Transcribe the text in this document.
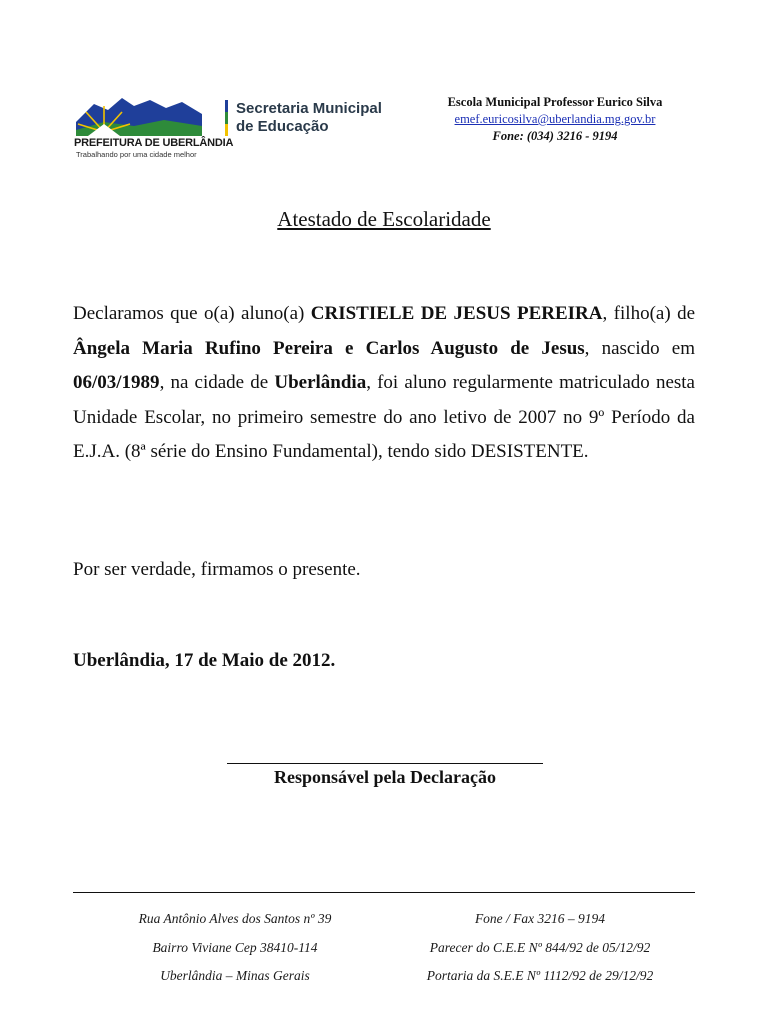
PREFEITURA DE UBERLÂNDIA
Trabalhando por uma cidade melhor
Secretaria Municipal
de Educação
Escola Municipal Professor Eurico Silva
emef.euricosilva@uberlandia.mg.gov.br
Fone: (034) 3216 - 9194
Atestado de Escolaridade
Declaramos que o(a) aluno(a) CRISTIELE DE JESUS PEREIRA, filho(a) de Ângela Maria Rufino Pereira e Carlos Augusto de Jesus, nascido em 06/03/1989, na cidade de Uberlândia, foi aluno regularmente matriculado nesta Unidade Escolar, no primeiro semestre do ano letivo de 2007 no 9º Período da E.J.A. (8ª série do Ensino Fundamental), tendo sido DESISTENTE.
Por ser verdade, firmamos o presente.
Uberlândia, 17 de Maio de 2012.
Responsável pela Declaração
Rua Antônio Alves dos Santos nº 39
Bairro Viviane Cep 38410-114
Uberlândia – Minas Gerais
Fone / Fax 3216 – 9194
Parecer do C.E.E Nº 844/92 de 05/12/92
Portaria da S.E.E Nº 1112/92 de 29/12/92
